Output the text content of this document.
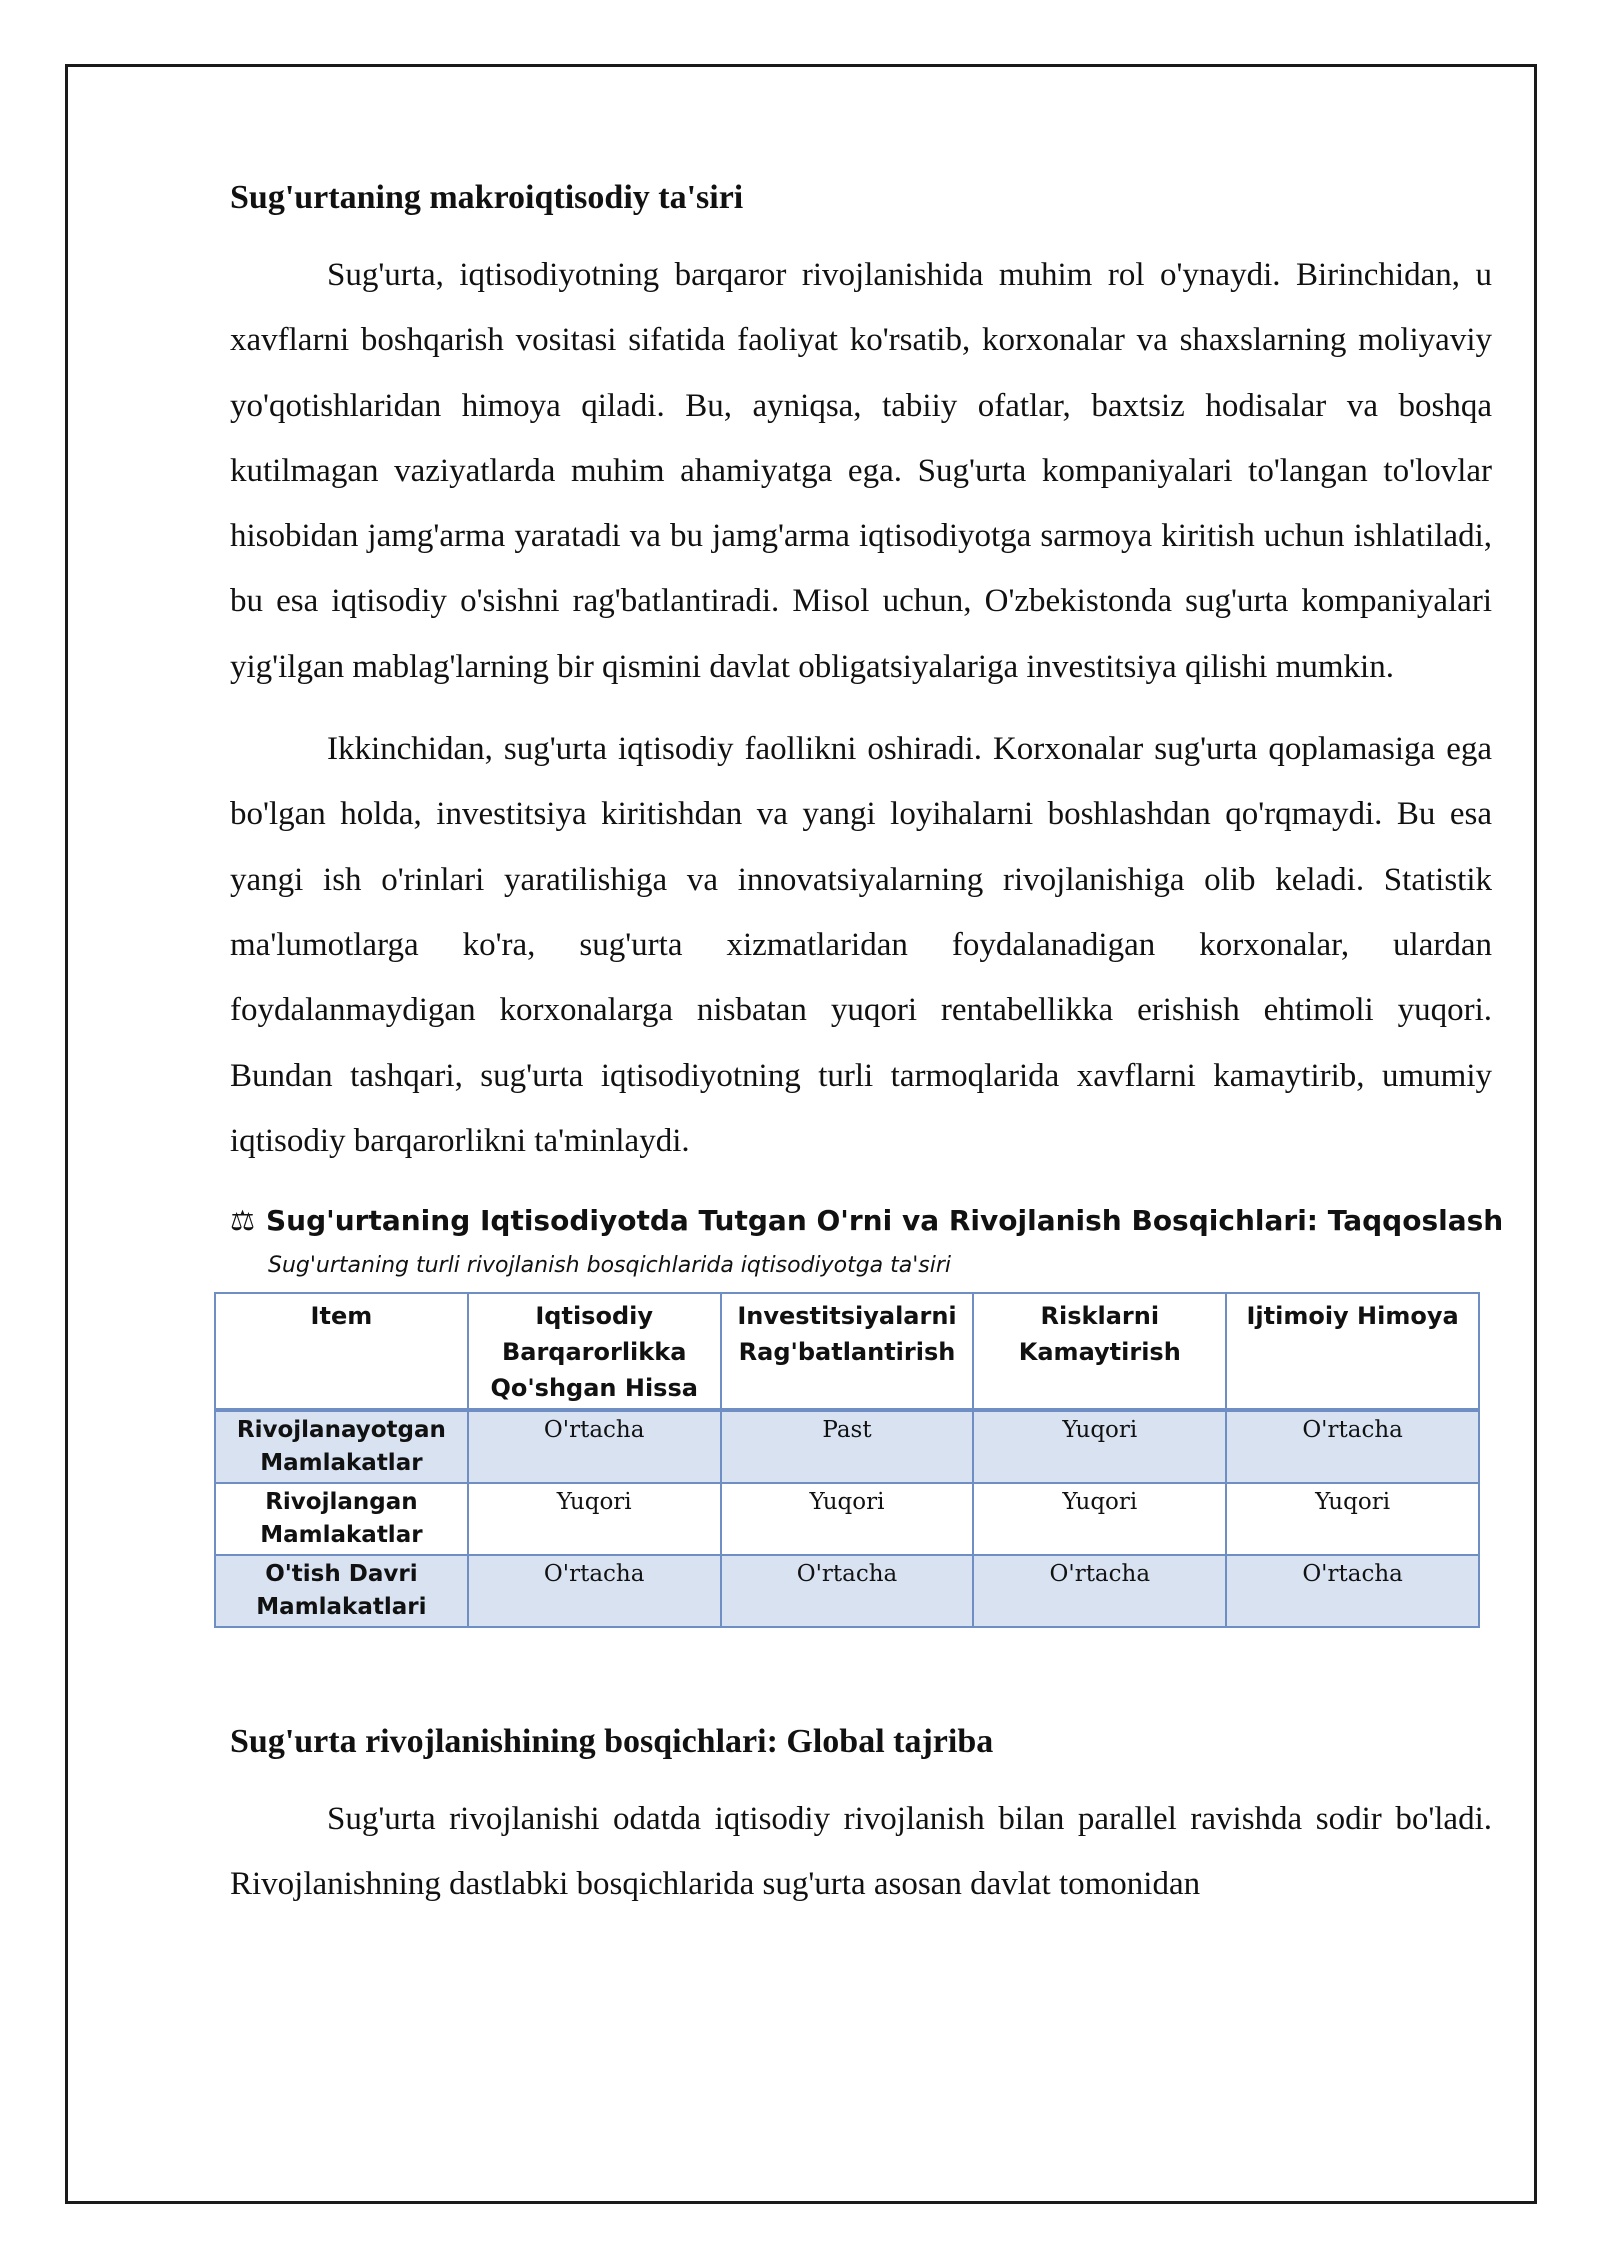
Sug'urtaning makroiqtisodiy ta'siri

Sug'urta, iqtisodiyotning barqaror rivojlanishida muhim rol o'ynaydi. Birinchidan, u xavflarni boshqarish vositasi sifatida faoliyat ko'rsatib, korxonalar va shaxslarning moliyaviy yo'qotishlaridan himoya qiladi. Bu, ayniqsa, tabiiy ofatlar, baxtsiz hodisalar va boshqa kutilmagan vaziyatlarda muhim ahamiyatga ega. Sug'urta kompaniyalari to'langan to'lovlar hisobidan jamg'arma yaratadi va bu jamg'arma iqtisodiyotga sarmoya kiritish uchun ishlatiladi, bu esa iqtisodiy o'sishni rag'batlantiradi. Misol uchun, O'zbekistonda sug'urta kompaniyalari yig'ilgan mablag'larning bir qismini davlat obligatsiyalariga investitsiya qilishi mumkin.

Ikkinchidan, sug'urta iqtisodiy faollikni oshiradi. Korxonalar sug'urta qoplamasiga ega bo'lgan holda, investitsiya kiritishdan va yangi loyihalarni boshlashdan qo'rqmaydi. Bu esa yangi ish o'rinlari yaratilishiga va innovatsiyalarning rivojlanishiga olib keladi. Statistik ma'lumotlarga ko'ra, sug'urta xizmatlaridan foydalanadigan korxonalar, ulardan foydalanmaydigan korxonalarga nisbatan yuqori rentabellikka erishish ehtimoli yuqori. Bundan tashqari, sug'urta iqtisodiyotning turli tarmoqlarida xavflarni kamaytirib, umumiy iqtisodiy barqarorlikni ta'minlaydi.

⚖ Sug'urtaning Iqtisodiyotda Tutgan O'rni va Rivojlanish Bosqichlari: Taqqoslash
Sug'urtaning turli rivojlanish bosqichlarida iqtisodiyotga ta'siri
Item	Iqtisodiy Barqarorlikka Qo'shgan Hissa	Investitsiyalarni Rag'batlantirish	Risklarni Kamaytirish	Ijtimoiy Himoya
Rivojlanayotgan Mamlakatlar	O'rtacha	Past	Yuqori	O'rtacha
Rivojlangan Mamlakatlar	Yuqori	Yuqori	Yuqori	Yuqori
O'tish Davri Mamlakatlari	O'rtacha	O'rtacha	O'rtacha	O'rtacha
Sug'urta rivojlanishining bosqichlari: Global tajriba

Sug'urta rivojlanishi odatda iqtisodiy rivojlanish bilan parallel ravishda sodir bo'ladi. Rivojlanishning dastlabki bosqichlarida sug'urta asosan davlat tomonidan
